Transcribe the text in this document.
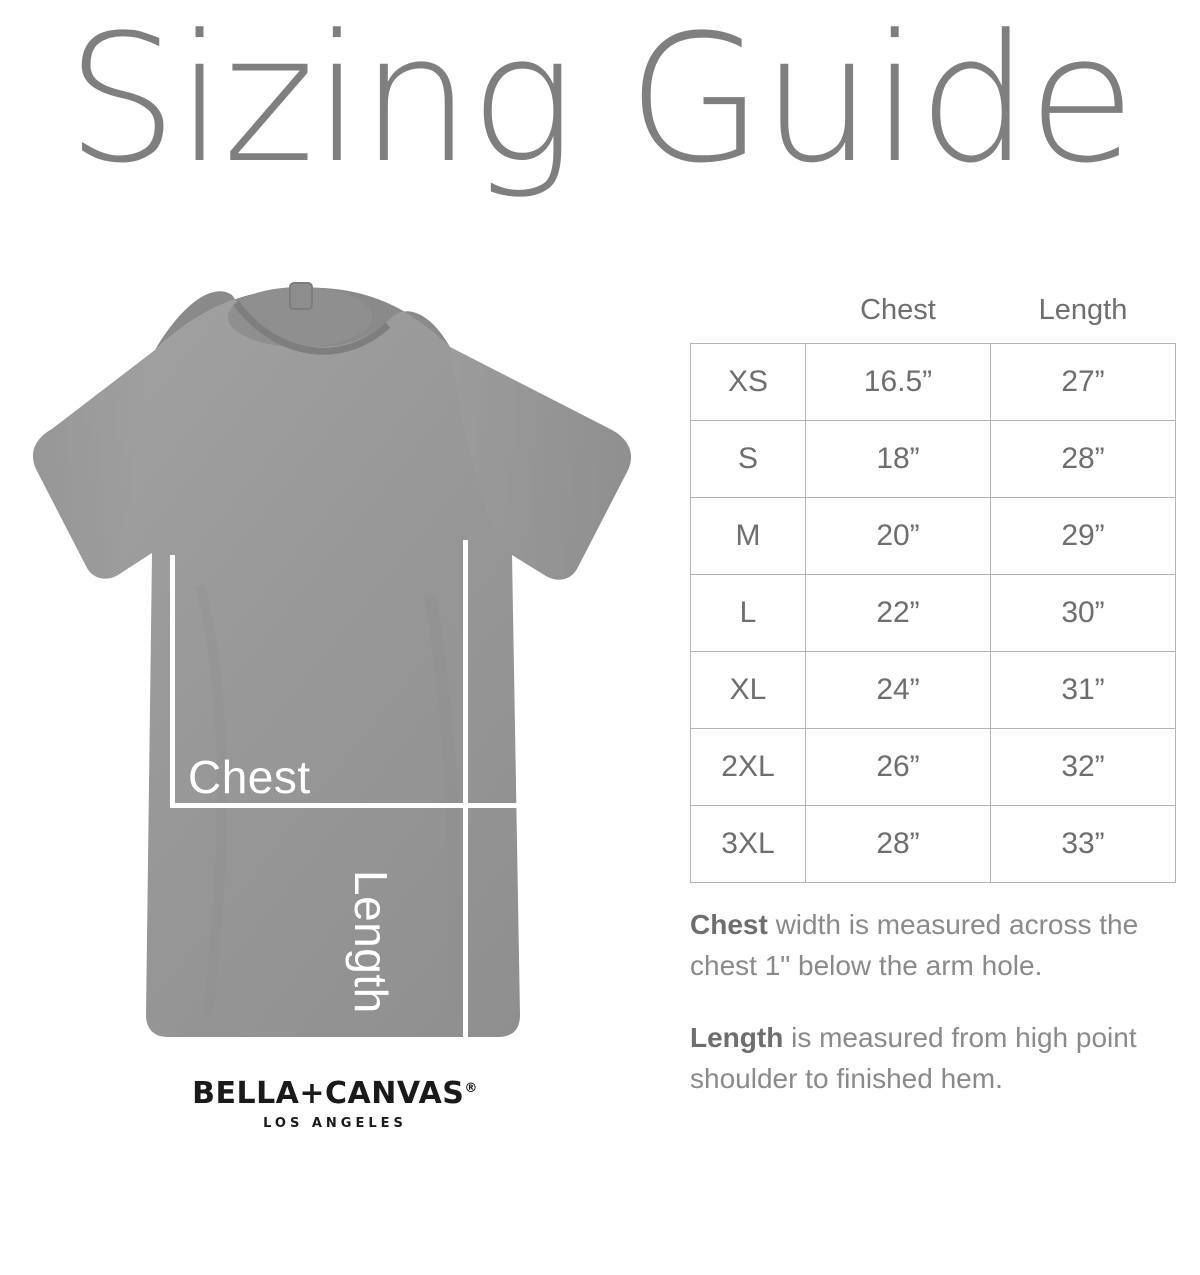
Sizing Guide
Chest
Length
BELLA+CANVAS®
LOS ANGELES
	Chest	Length
XS	16.5”	27”
S	18”	28”
M	20”	29”
L	22”	30”
XL	24”	31”
2XL	26”	32”
3XL	28”	33”

Chest width is measured across the chest 1" below the arm hole.

Length is measured from high point shoulder to finished hem.
